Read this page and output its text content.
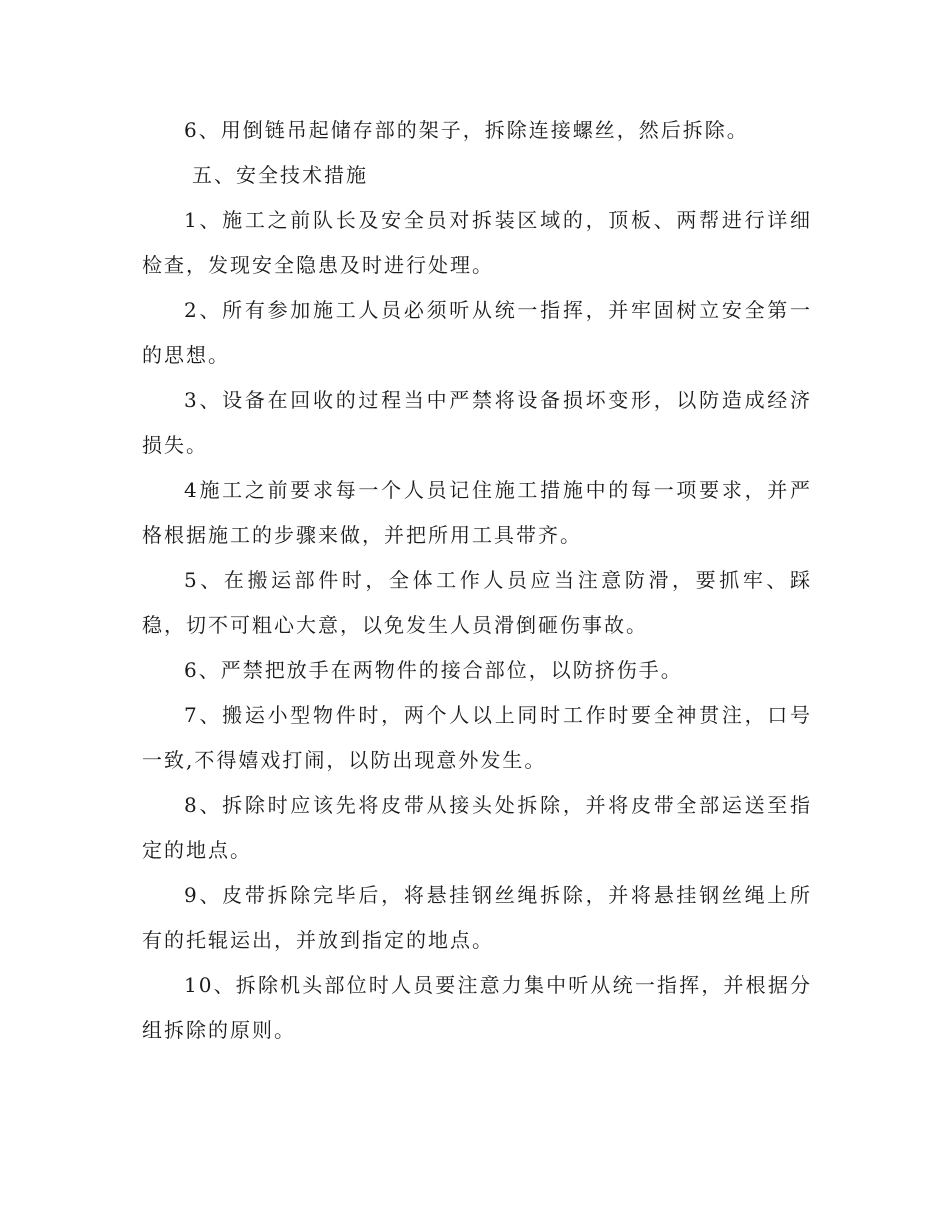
6、用倒链吊起储存部的架子，拆除连接螺丝，然后拆除。

五、安全技术措施

1、施工之前队长及安全员对拆装区域的，顶板、两帮进行详细检查，发现安全隐患及时进行处理。

2、所有参加施工人员必须听从统一指挥，并牢固树立安全第一的思想。

3、设备在回收的过程当中严禁将设备损坏变形，以防造成经济损失。

4施工之前要求每一个人员记住施工措施中的每一项要求，并严格根据施工的步骤来做，并把所用工具带齐。

5、在搬运部件时，全体工作人员应当注意防滑，要抓牢、踩稳，切不可粗心大意，以免发生人员滑倒砸伤事故。

6、严禁把放手在两物件的接合部位，以防挤伤手。

7、搬运小型物件时，两个人以上同时工作时要全神贯注，口号一致,不得嬉戏打闹，以防出现意外发生。

8、拆除时应该先将皮带从接头处拆除，并将皮带全部运送至指定的地点。

9、皮带拆除完毕后，将悬挂钢丝绳拆除，并将悬挂钢丝绳上所有的托辊运出，并放到指定的地点。

10、拆除机头部位时人员要注意力集中听从统一指挥，并根据分组拆除的原则。
